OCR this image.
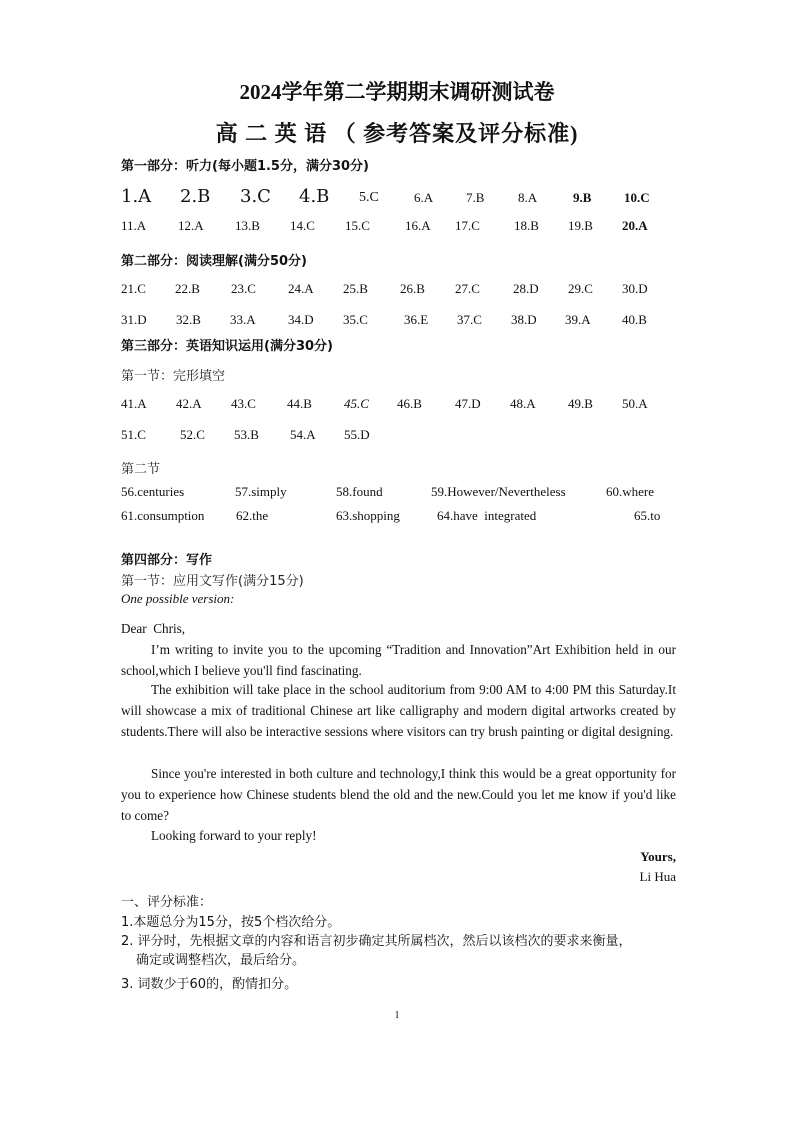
2024学年第二学期期末调研测试卷
高 二 英 语 （ 参考答案及评分标准)
第一部分：听力(每小题1.5分，满分30分)
1.A 2.B 3.C 4.B 5.C	6.A	7.B	8.A	9.B	10.C
11.A 12.A 13.B 14.C 15.C	16.A 17.C	18.B 19.B 20.A
第二部分：阅读理解(满分50分)
21.C 22.B 23.C 24.A 25.B 26.B 27.C	28.D 29.C 30.D
31.D 32.B 33.A 34.D 35.C	36.E 37.C 38.D 39.A 40.B
第三部分：英语知识运用(满分30分)
第一节：完形填空
41.A 42.A 43.C 44.B 45.C 46.B	47.D 48.A 49.B 50.A
51.C	52.C 53.B 54.A 55.D
第二节
56.centuries	57.simply	58.found	59.However/Nevertheless	60.where
61.consumption 62.the	63.shopping	64.have  integrated	65.to
第四部分：写作
第一节：应用文写作(满分15分)
One possible version:
Dear  Chris,
I’m writing to invite you to the upcoming “Tradition and Innovation”Art Exhibition held in our school,which I believe you'll find fascinating.
The exhibition will take place in the school auditorium from 9:00 AM to 4:00 PM this Saturday.It will showcase a mix of traditional Chinese art like calligraphy and modern digital artworks created by students.There will also be interactive sessions where visitors can try brush painting or digital designing.
Since you're interested in both culture and technology,I think this would be a great opportunity for you to experience how Chinese students blend the old and the new.Could you let me know if you'd like to come?
Looking forward to your reply!
Yours,
Li Hua
一、评分标准：
1.本题总分为15分，按5个档次给分。
2. 评分时，先根据文章的内容和语言初步确定其所属档次，然后以该档次的要求来衡量，
确定或调整档次，最后给分。
3. 词数少于60的，酌情扣分。
1
